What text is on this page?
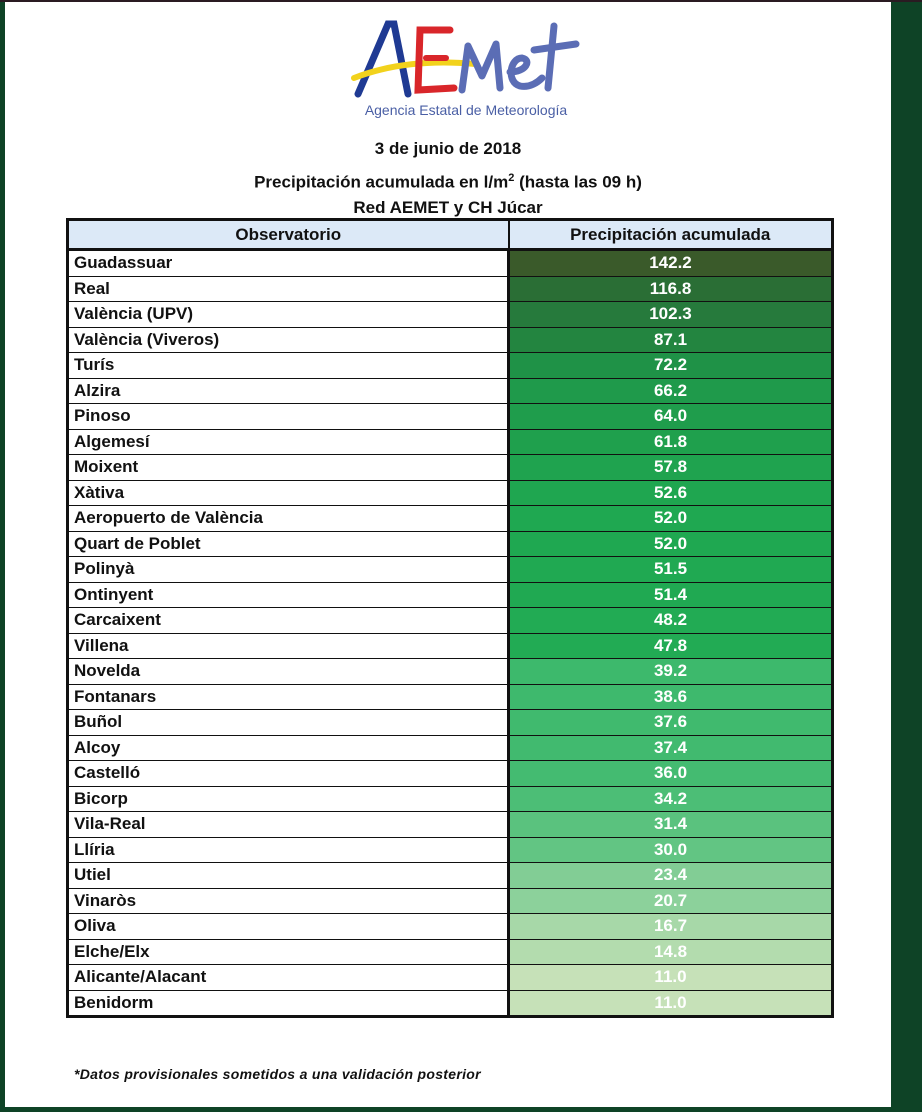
Agencia Estatal de Meteorología
3 de junio de 2018
Precipitación acumulada en $l/m^2$ (hasta las 09 h)
Red AEMET y CH Júcar
Observatorio	Precipitación acumulada
Guadassuar	142.2
Real	116.8
València (UPV)	102.3
València (Viveros)	87.1
Turís	72.2
Alzira	66.2
Pinoso	64.0
Algemesí	61.8
Moixent	57.8
Xàtiva	52.6
Aeropuerto de València	52.0
Quart de Poblet	52.0
Polinyà	51.5
Ontinyent	51.4
Carcaixent	48.2
Villena	47.8
Novelda	39.2
Fontanars	38.6
Buñol	37.6
Alcoy	37.4
Castelló	36.0
Bicorp	34.2
Vila-Real	31.4
Llíria	30.0
Utiel	23.4
Vinaròs	20.7
Oliva	16.7
Elche/Elx	14.8
Alicante/Alacant	11.0
Benidorm	11.0
*Datos provisionales sometidos a una validación posterior
